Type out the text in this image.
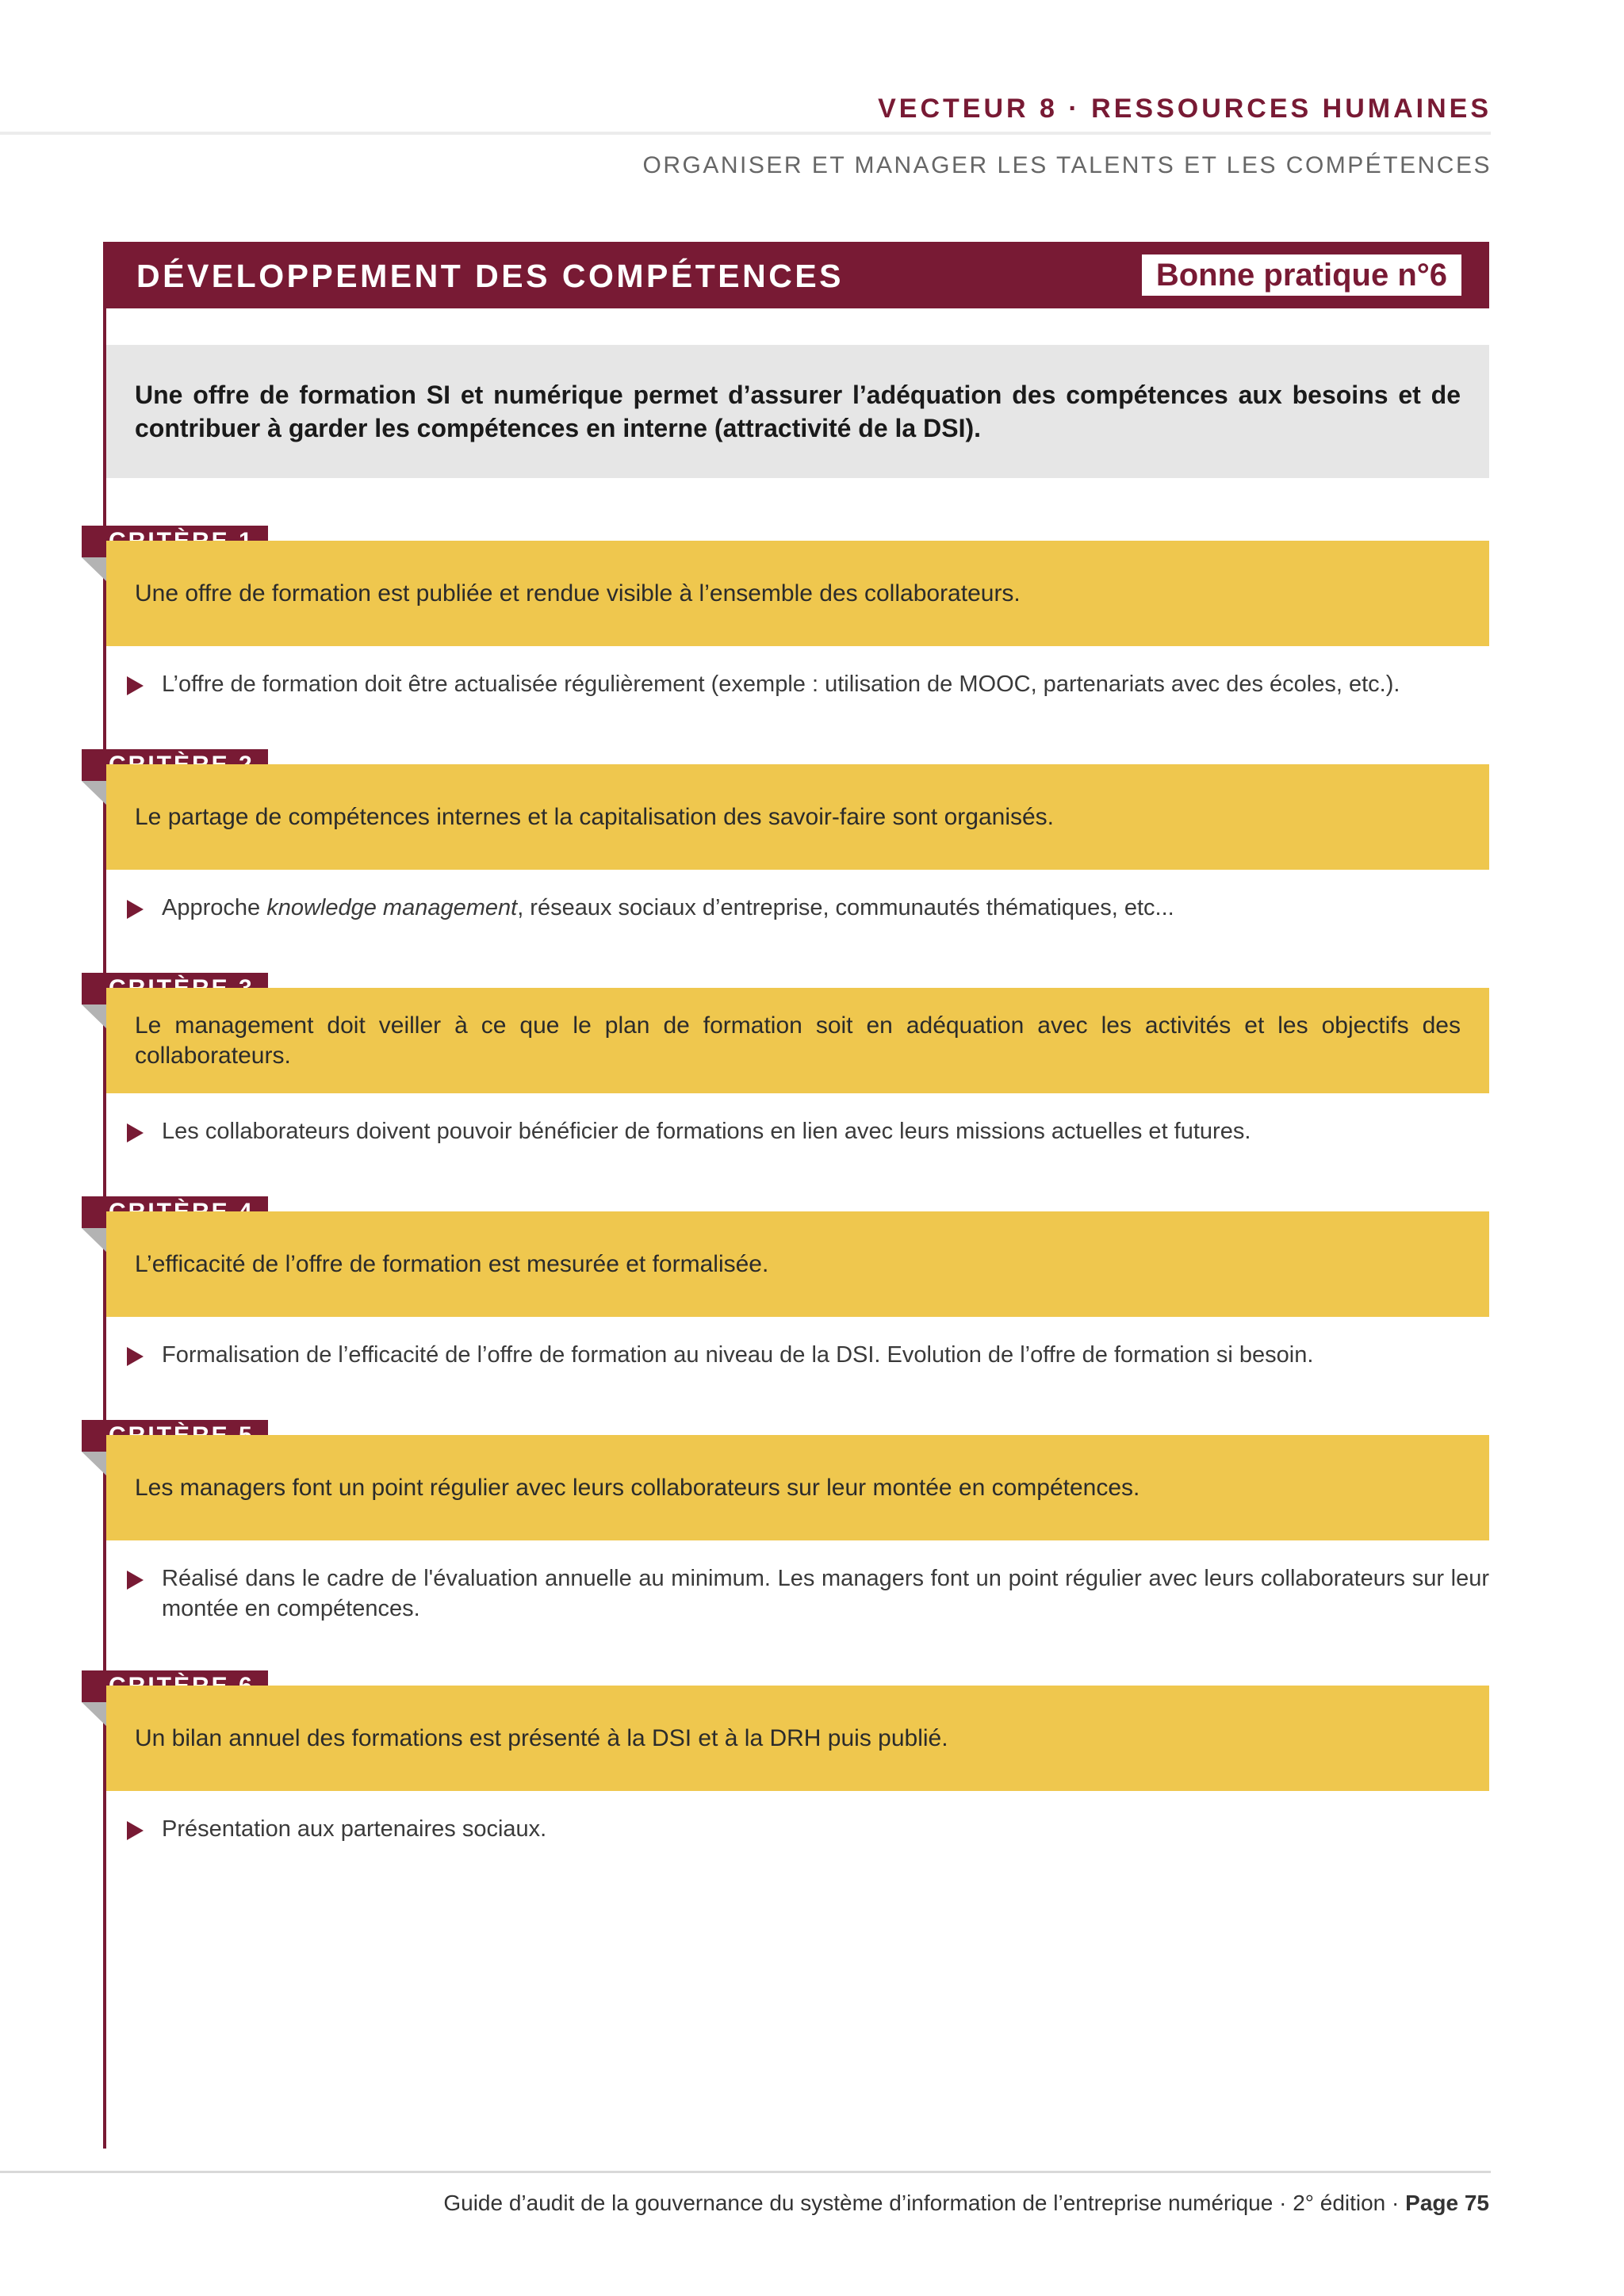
VECTEUR 8 · RESSOURCES HUMAINES
ORGANISER ET MANAGER LES TALENTS ET LES COMPÉTENCES
DÉVELOPPEMENT DES COMPÉTENCES	Bonne pratique n°6
Une offre de formation SI et numérique permet d’assurer l’adéquation des compétences aux besoins et de contribuer à garder les compétences en interne (attractivité de la DSI).
Une offre de formation est publiée et rendue visible à l’ensemble des collaborateurs.
L’offre de formation doit être actualisée régulièrement (exemple : utilisation de MOOC, partenariats avec des écoles, etc.).
Le partage de compétences internes et la capitalisation des savoir-faire sont organisés.
Approche knowledge management, réseaux sociaux d’entreprise, communautés thématiques, etc...
Le management doit veiller à ce que le plan de formation soit en adéquation avec les activités et les objectifs des collaborateurs.
Les collaborateurs doivent pouvoir bénéficier de formations en lien avec leurs missions actuelles et futures.
L’efficacité de l’offre de formation est mesurée et formalisée.
Formalisation de l’efficacité de l’offre de formation au niveau de la DSI. Evolution de l’offre de formation si besoin.
Les managers font un point régulier avec leurs collaborateurs sur leur montée en compétences.
Réalisé dans le cadre de l'évaluation annuelle au minimum. Les managers font un point régulier avec leurs collaborateurs sur leur montée en compétences.
Un bilan annuel des formations est présenté à la DSI et à la DRH puis publié.
Présentation aux partenaires sociaux.
Guide d’audit de la gouvernance du système d’information de l’entreprise numérique · 2° édition · Page 75
